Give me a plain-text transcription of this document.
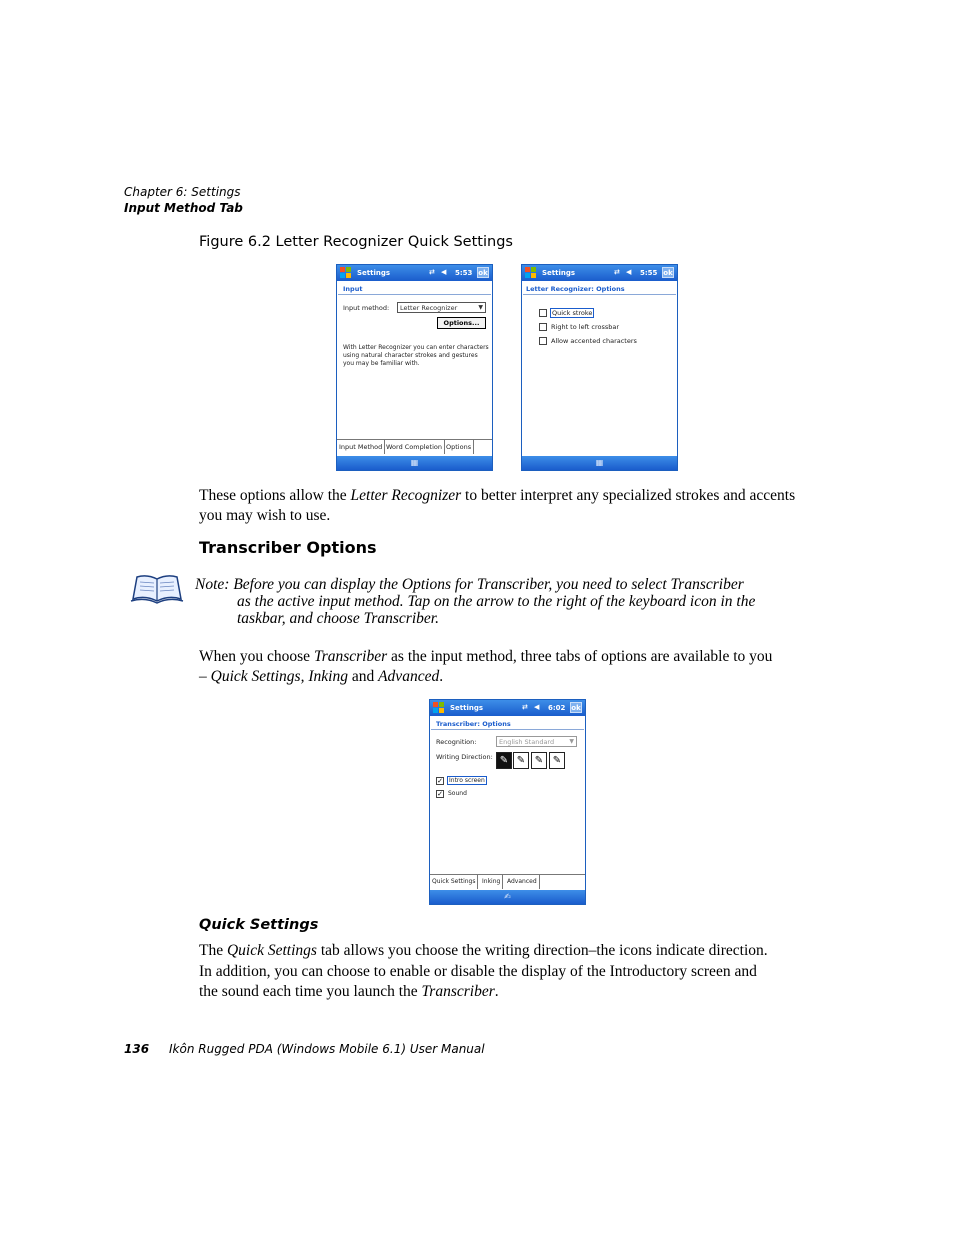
Chapter 6: Settings
Input Method Tab
Figure 6.2 Letter Recognizer Quick Settings
Settings	⇄ ◀︎ 5:53 ok
Input
Input method:	Letter Recognizer	▼
Options...
With Letter Recognizer you can enter characters using natural character strokes and gestures you may be familiar with.
Input Method Word Completion Options
▦
Settings	⇄ ◀︎ 5:55 ok
Letter Recognizer: Options
Quick stroke
Right to left crossbar
Allow accented characters
▦
These options allow the Letter Recognizer to better interpret any specialized strokes and accents you may wish to use.
Transcriber Options
Note: Before you can display the Options for Transcriber, you need to select Transcriber
as the active input method. Tap on the arrow to the right of the keyboard icon in the
taskbar, and choose Transcriber.
When you choose Transcriber as the input method, three tabs of options are available to you
– Quick Settings, Inking and Advanced.
Settings	⇄ ◀︎ 6:02 ok
Transcriber: Options
Recognition:	English Standard	▼
Writing Direction: ✎ ✎ ✎ ✎
✓	Intro screen
✓ Sound
Quick Settings	Inking	Advanced
✍
Quick Settings
The Quick Settings tab allows you choose the writing direction–the icons indicate direction.
In addition, you can choose to enable or disable the display of the Introductory screen and
the sound each time you launch the Transcriber.
136 Ikôn Rugged PDA (Windows Mobile 6.1) User Manual
